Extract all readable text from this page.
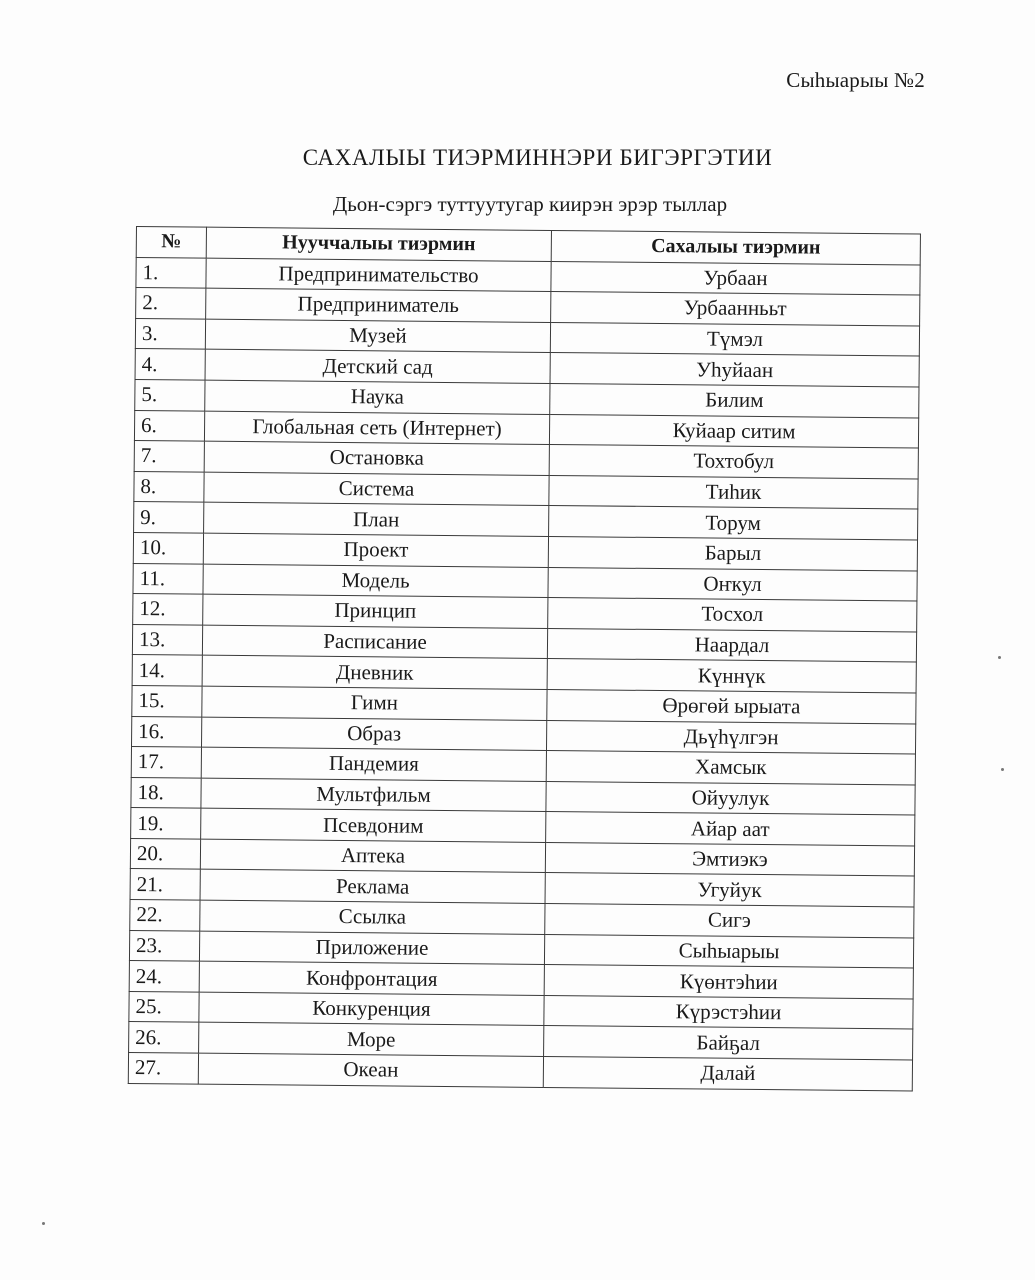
Сыһыарыы №2
САХАЛЫЫ ТИЭРМИННЭРИ БИГЭРГЭТИИ
Дьон-сэргэ туттуутугар киирэн эрэр тыллар
№	Нууччалыы тиэрмин	Сахалыы тиэрмин
1.	Предпринимательство	Урбаан
2.	Предприниматель	Урбааннььт
3.	Музей	Түмэл
4.	Детский сад	Уһуйаан
5.	Наука	Билим
6.	Глобальная сеть (Интернет)	Куйаар ситим
7.	Остановка	Тохтобул
8.	Система	Тиһик
9.	План	Торум
10.	Проект	Барыл
11.	Модель	Оҥкул
12.	Принцип	Тосхол
13.	Расписание	Наардал
14.	Дневник	Күннүк
15.	Гимн	Өрөгөй ырыата
16.	Образ	Дьүһүлгэн
17.	Пандемия	Хамсык
18.	Мультфильм	Ойуулук
19.	Псевдоним	Айар аат
20.	Аптека	Эмтиэкэ
21.	Реклама	Угуйук
22.	Ссылка	Сигэ
23.	Приложение	Сыһыарыы
24.	Конфронтация	Күөнтэһии
25.	Конкуренция	Күрэстэһии
26.	Море	Байҕал
27.	Океан	Далай
